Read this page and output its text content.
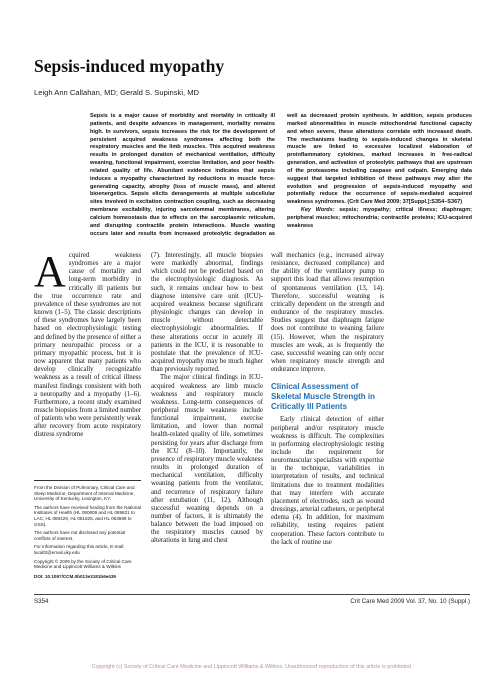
Sepsis-induced myopathy
Leigh Ann Callahan, MD; Gerald S. Supinski, MD
Sepsis is a major cause of morbidity and mortality in critically ill patients, and despite advances in management, mortality remains high. In survivors, sepsis increases the risk for the development of persistent acquired weakness syndromes affecting both the respiratory muscles and the limb muscles. This acquired weakness results in prolonged duration of mechanical ventilation, difficulty weaning, functional impairment, exercise limitation, and poor health-related quality of life. Abundant evidence indicates that sepsis induces a myopathy characterized by reductions in muscle force-generating capacity, atrophy (loss of muscle mass), and altered bioenergetics. Sepsis elicits derangements at multiple subcellular sites involved in excitation contraction coupling, such as decreasing membrane excitability, injuring sarcolemmal membranes, altering calcium homeostasis due to effects on the sarcoplasmic reticulum, and disrupting contractile protein interactions. Muscle wasting occurs later and results from increased proteolytic degradation as well as decreased protein synthesis. In addition, sepsis produces marked abnormalities in muscle mitochondrial functional capacity and when severe, these alterations correlate with increased death. The mechanisms leading to sepsis-induced changes in skeletal muscle are linked to excessive localized elaboration of proinflammatory cytokines, marked increases in free-radical generation, and activation of proteolytic pathways that are upstream of the proteasome including caspase and calpain. Emerging data suggest that targeted inhibition of these pathways may alter the evolution and progression of sepsis-induced myopathy and potentially reduce the occurrence of sepsis-mediated acquired weakness syndromes. (Crit Care Med 2009; 37[Suppl.]:S354–S367)
Key Words: sepsis; myopathy; critical illness; diaphragm; peripheral muscles; mitochondria; contractile proteins; ICU-acquired weakness

A cquired weakness syndromes are a major cause of mortality and long-term morbidity in critically ill patients but the true occurrence rate and prevalence of these syndromes are not known (1–5). The classic descriptions of these syndromes have largely been based on electrophysiologic testing and defined by the presence of either a primary neuropathic process or a primary myopathic process, but it is now apparent that many patients who develop clinically recognizable weakness as a result of critical illness manifest findings consistent with both a neuropathy and a myopathy (1–6). Furthermore, a recent study examined muscle biopsies from a limited number of patients who were persistently weak after recovery from acute respiratory distress syndrome

(7). Interestingly, all muscle biopsies were markedly abnormal, findings which could not be predicted based on the electrophysiologic diagnosis. As such, it remains unclear how to best diagnose intensive care unit (ICU)-acquired weakness because significant physiologic changes can develop in muscle without detectable electrophysiologic abnormalities. If these alterations occur in acutely ill patients in the ICU, it is reasonable to postulate that the prevalence of ICU-acquired myopathy may be much higher than previously reported.

The major clinical findings in ICU-acquired weakness are limb muscle weakness and respiratory muscle weakness. Long-term consequences of peripheral muscle weakness include functional impairment, exercise limitation, and lower than normal health-related quality of life, sometimes persisting for years after discharge from the ICU (8–10). Importantly, the presence of respiratory muscle weakness results in prolonged duration of mechanical ventilation, difficulty weaning patients from the ventilator, and recurrence of respiratory failure after extubation (11, 12). Although successful weaning depends on a number of factors, it is ultimately the balance between the load imposed on the respiratory muscles caused by alterations in lung and chest

wall mechanics (e.g., increased airway resistance, decreased compliance) and the ability of the ventilatory pump to support this load that allows resumption of spontaneous ventilation (13, 14). Therefore, successful weaning is critically dependent on the strength and endurance of the respiratory muscles. Studies suggest that diaphragm fatigue does not contribute to weaning failure (15). However, when the respiratory muscles are weak, as is frequently the case, successful weaning can only occur when respiratory muscle strength and endurance improve.

Clinical Assessment of Skeletal Muscle Strength in Critically Ill Patients

Early clinical detection of either peripheral and/or respiratory muscle weakness is difficult. The complexities in performing electrophysiologic testing include the requirement for neuromuscular specialists with expertise in the technique, variabilities in interpretation of results, and technical limitations due to treatment modalities that may interfere with accurate placement of electrodes, such as wound dressings, arterial catheters, or peripheral edema (4). In addition, for maximum reliability, testing requires patient cooperation. These factors contribute to the lack of routine use

From the Division of Pulmonary, Critical Care and Sleep Medicine, Department of Internal Medicine, University of Kentucky, Lexington, KY.

The authors have received funding from the National Institutes of Health (HL 080609 and HL 069821 to LAC; HL 080429, HL 081525, and HL 063698 to GSS).

The authors have not disclosed any potential conflicts of interest.

For information regarding this article, E-mail: lacall2@email.uky.edu

Copyright © 2009 by the Society of Critical Care Medicine and Lippincott Williams & Wilkins

DOI: 10.1097/CCM.0b013e3181b6e439

S354	Crit Care Med 2009 Vol. 37, No. 10 (Suppl.)
Copyright (c) Society of Critical Care Medicine and Lippincott Williams & Wilkins. Unauthorized reproduction of this article is prohibited.
